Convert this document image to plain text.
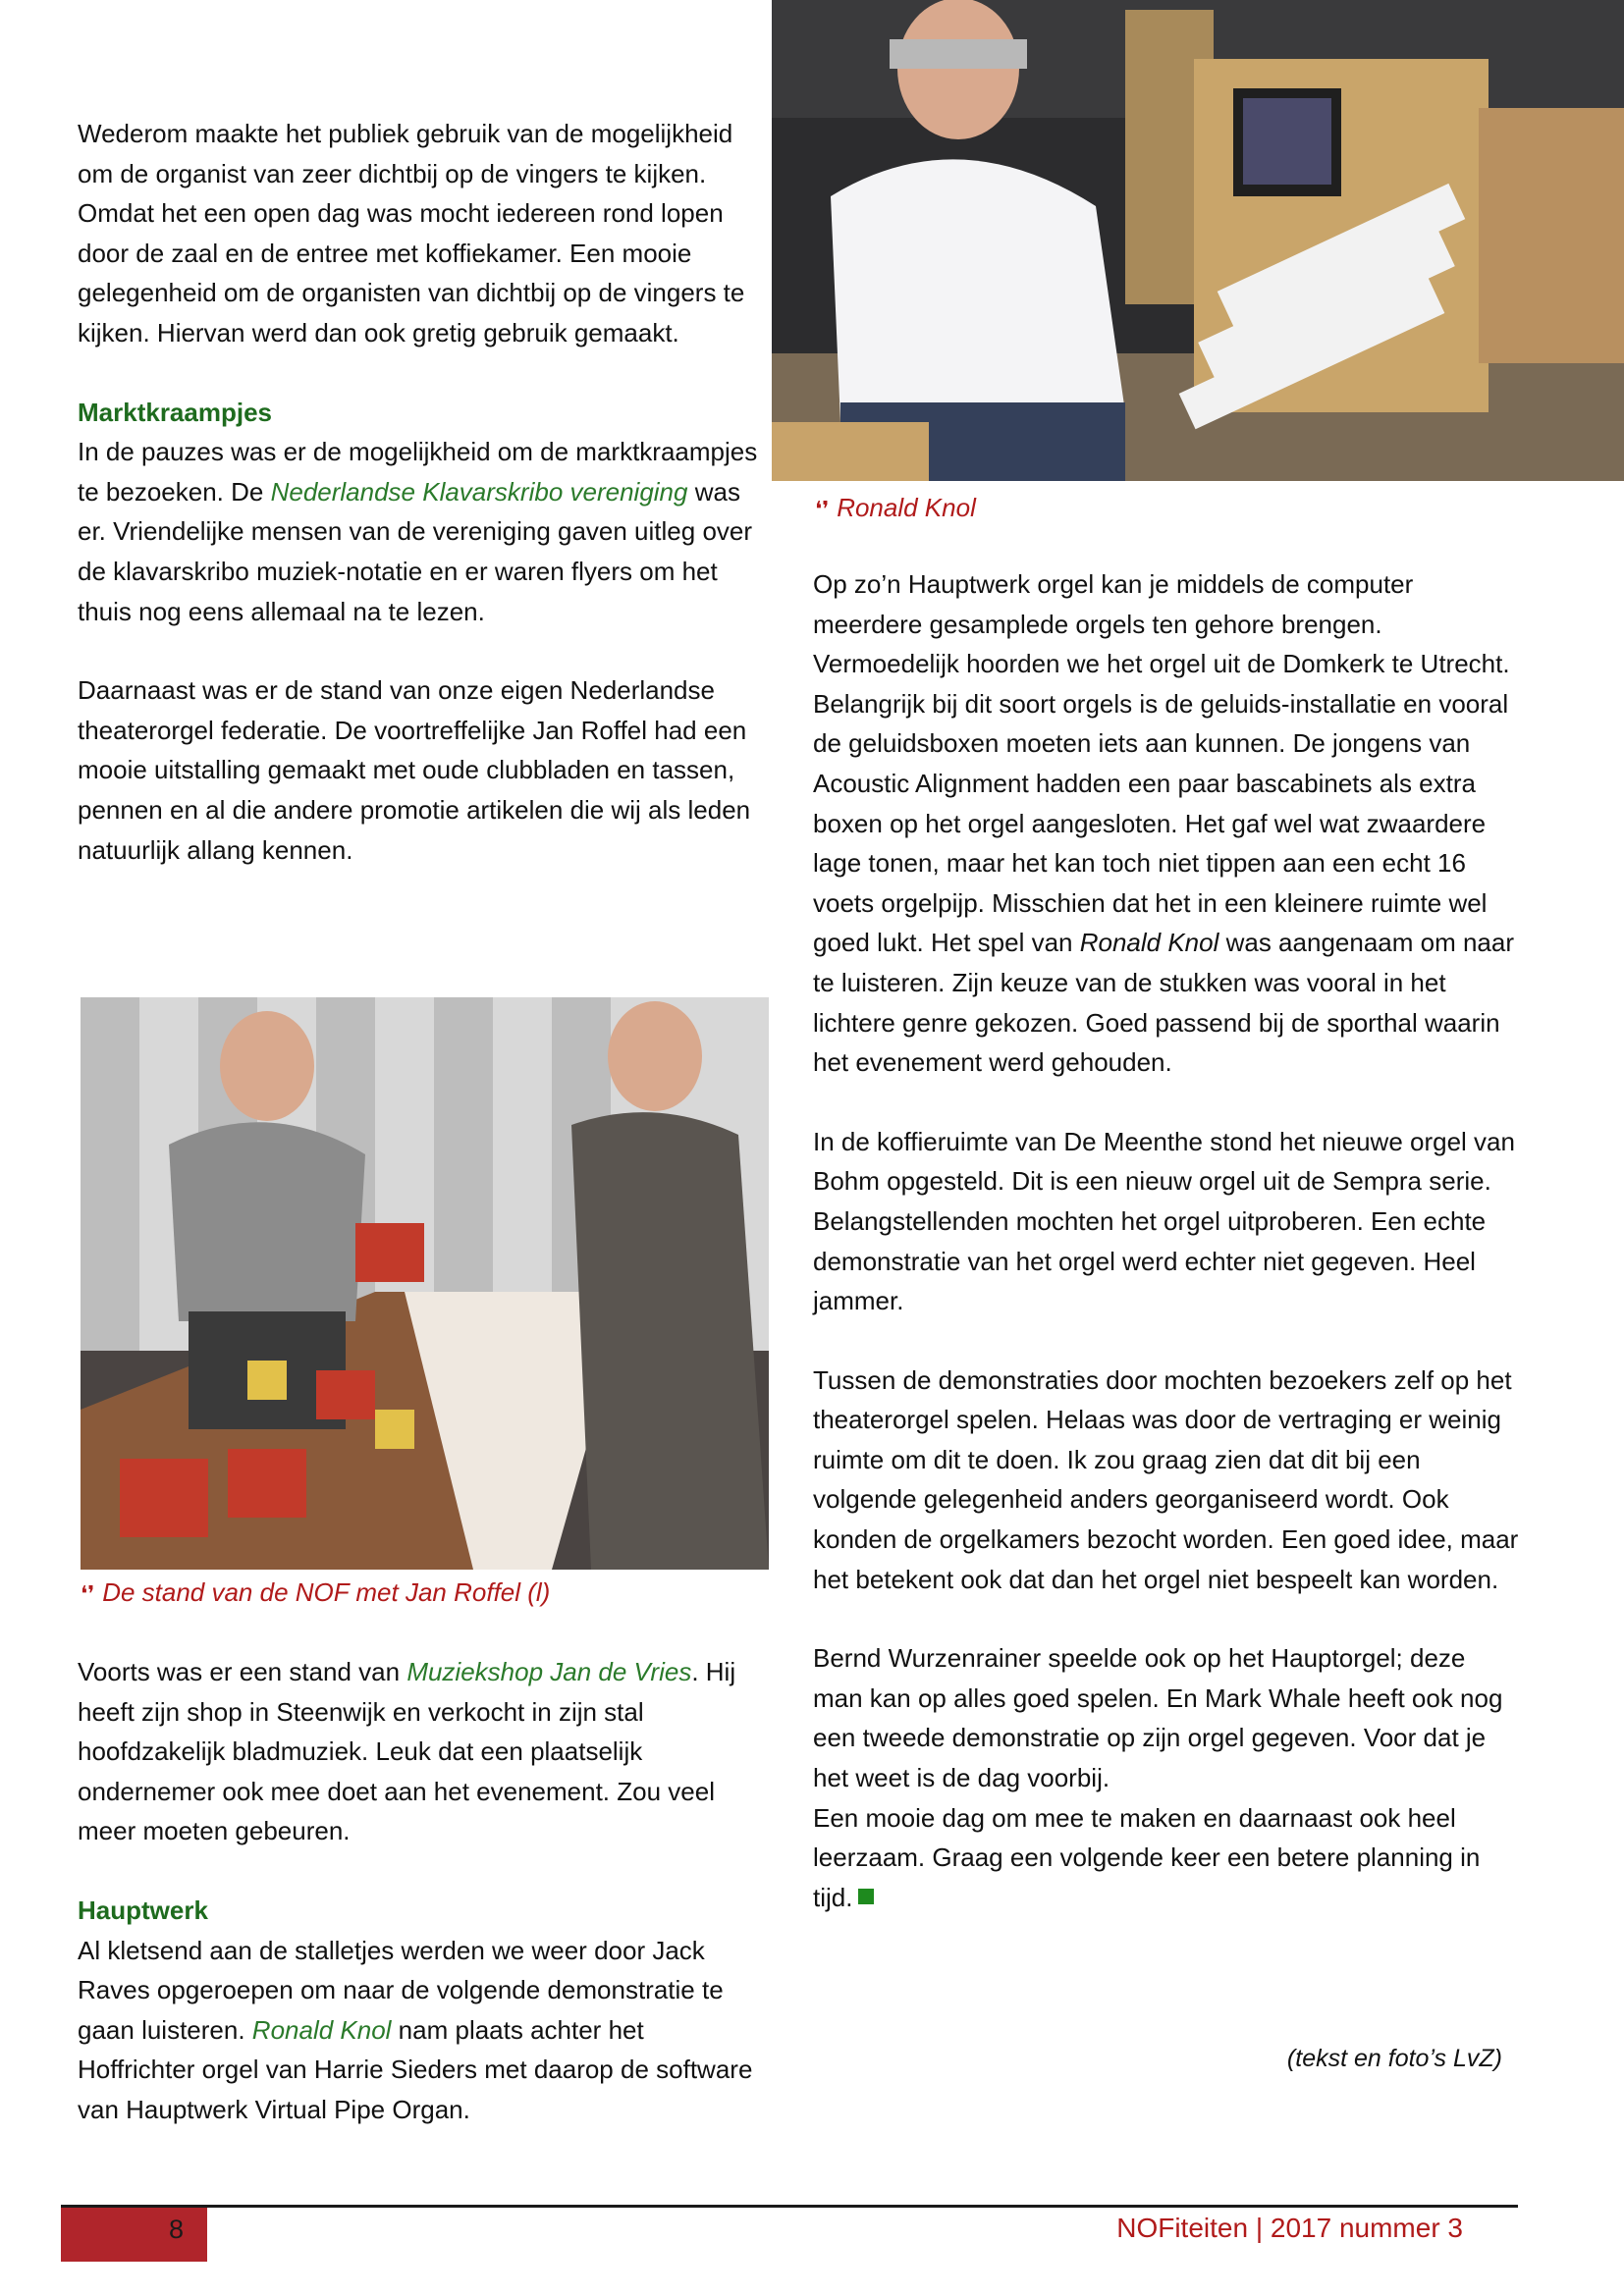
Wederom maakte het publiek gebruik van de mogelijkheid om de organist van zeer dichtbij op de vingers te kijken. Omdat het een open dag was mocht iedereen rond lopen door de zaal en de entree met koffiekamer. Een mooie gelegenheid om de organisten van dichtbij op de vingers te kijken. Hiervan werd dan ook gretig gebruik gemaakt.

Marktkraampjes

In de pauzes was er de mogelijkheid om de marktkraampjes te bezoeken. De Nederlandse Klavarskribo vereniging was er. Vriendelijke mensen van de vereniging gaven uitleg over de klavarskribo muziek-notatie en er waren flyers om het thuis nog eens allemaal na te lezen.

Daarnaast was er de stand van onze eigen Nederlandse theaterorgel federatie. De voortreffelijke Jan Roffel had een mooie uitstalling gemaakt met oude clubbladen en tassen, pennen en al die andere promotie artikelen die wij als leden natuurlijk allang kennen.

Voorts was er een stand van Muziekshop Jan de Vries. Hij heeft zijn shop in Steenwijk en verkocht in zijn stal hoofdzakelijk bladmuziek. Leuk dat een plaatselijk ondernemer ook mee doet aan het evenement. Zou veel meer moeten gebeuren.

Hauptwerk

Al kletsend aan de stalletjes werden we weer door Jack Raves opgeroepen om naar de volgende demonstratie te gaan luisteren. Ronald Knol nam plaats achter het Hoffrichter orgel van Harrie Sieders met daarop de software van Hauptwerk Virtual Pipe Organ.

Op zo’n Hauptwerk orgel kan je middels de computer meerdere gesamplede orgels ten gehore brengen. Vermoedelijk hoorden we het orgel uit de Domkerk te Utrecht. Belangrijk bij dit soort orgels is de geluids-installatie en vooral de geluidsboxen moeten iets aan kunnen. De jongens van Acoustic Alignment hadden een paar bascabinets als extra boxen op het orgel aangesloten. Het gaf wel wat zwaardere lage tonen, maar het kan toch niet tippen aan een echt 16 voets orgelpijp. Misschien dat het in een kleinere ruimte wel goed lukt. Het spel van Ronald Knol was aangenaam om naar te luisteren. Zijn keuze van de stukken was vooral in het lichtere genre gekozen. Goed passend bij de sporthal waarin het evenement werd gehouden.

In de koffieruimte van De Meenthe stond het nieuwe orgel van Bohm opgesteld. Dit is een nieuw orgel uit de Sempra serie. Belangstellenden mochten het orgel uitproberen. Een echte demonstratie van het orgel werd echter niet gegeven. Heel jammer.

Tussen de demonstraties door mochten bezoekers zelf op het theaterorgel spelen. Helaas was door de vertraging er weinig ruimte om dit te doen. Ik zou graag zien dat dit bij een volgende gelegenheid anders georganiseerd wordt. Ook konden de orgelkamers bezocht worden. Een goed idee, maar het betekent ook dat dan het orgel niet bespeelt kan worden.

Bernd Wurzenrainer speelde ook op het Hauptorgel; deze man kan op alles goed spelen. En Mark Whale heeft ook nog een tweede demonstratie op zijn orgel gegeven. Voor dat je het weet is de dag voorbij.

Een mooie dag om mee te maken en daarnaast ook heel leerzaam. Graag een volgende keer een betere planning in tijd.

(tekst en foto’s LvZ)
❛❜ Ronald Knol
❛❜ De stand van de NOF met Jan Roffel (l)
8	NOFiteiten | 2017 nummer 3
